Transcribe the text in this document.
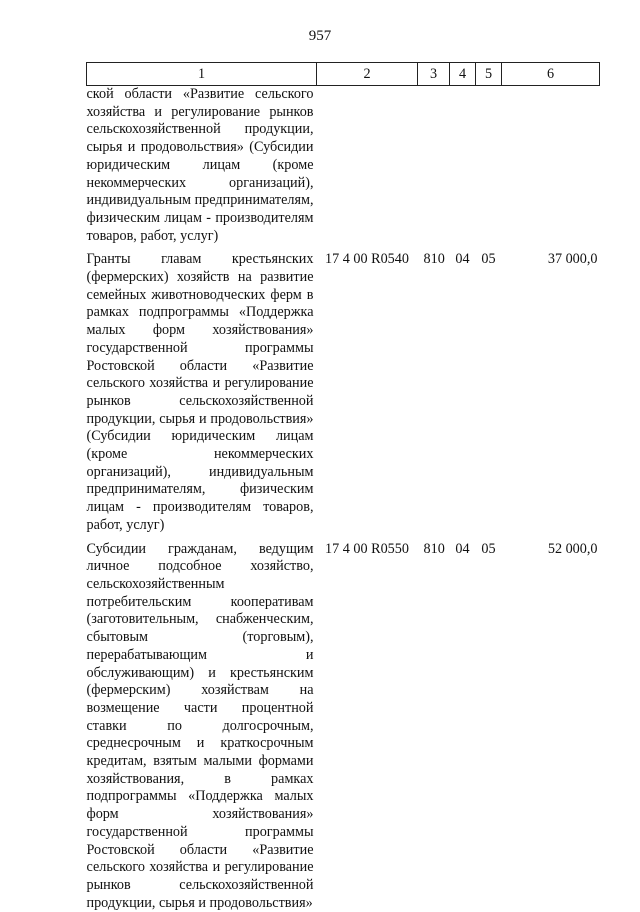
957
1	2	3	4	5	6
ской области «Развитие сельского хозяйства и регулирование рынков сельскохозяйственной продукции, сырья и продовольствия» (Субсидии юридическим лицам (кроме некоммерческих организаций), индивидуальным предпринимателям, физическим лицам - производителям товаров, работ, услуг)					
Гранты главам крестьянских (фермерских) хозяйств на развитие семейных животноводческих ферм в рамках подпрограммы «Поддержка малых форм хозяйствования» государственной программы Ростовской области «Развитие сельского хозяйства и регулирование рынков сельскохозяйственной продукции, сырья и продовольствия» (Субсидии юридическим лицам (кроме некоммерческих организаций), индивидуальным предпринимателям, физическим лицам - производителям товаров, работ, услуг)	17 4 00 R0540	810	04	05	37 000,0
Субсидии гражданам, ведущим личное подсобное хозяйство, сельскохозяйственным потребительским кооперативам (заготовительным, снабженческим, сбытовым (торговым), перерабатывающим и обслуживающим) и крестьянским (фермерским) хозяйствам на возмещение части процентной ставки по долгосрочным, среднесрочным и краткосрочным кредитам, взятым малыми формами хозяйствования, в рамках подпрограммы «Поддержка малых форм хозяйствования» государственной программы Ростовской области «Развитие сельского хозяйства и регулирование рынков сельскохозяйственной продукции, сырья и продовольствия»	17 4 00 R0550	810	04	05	52 000,0
